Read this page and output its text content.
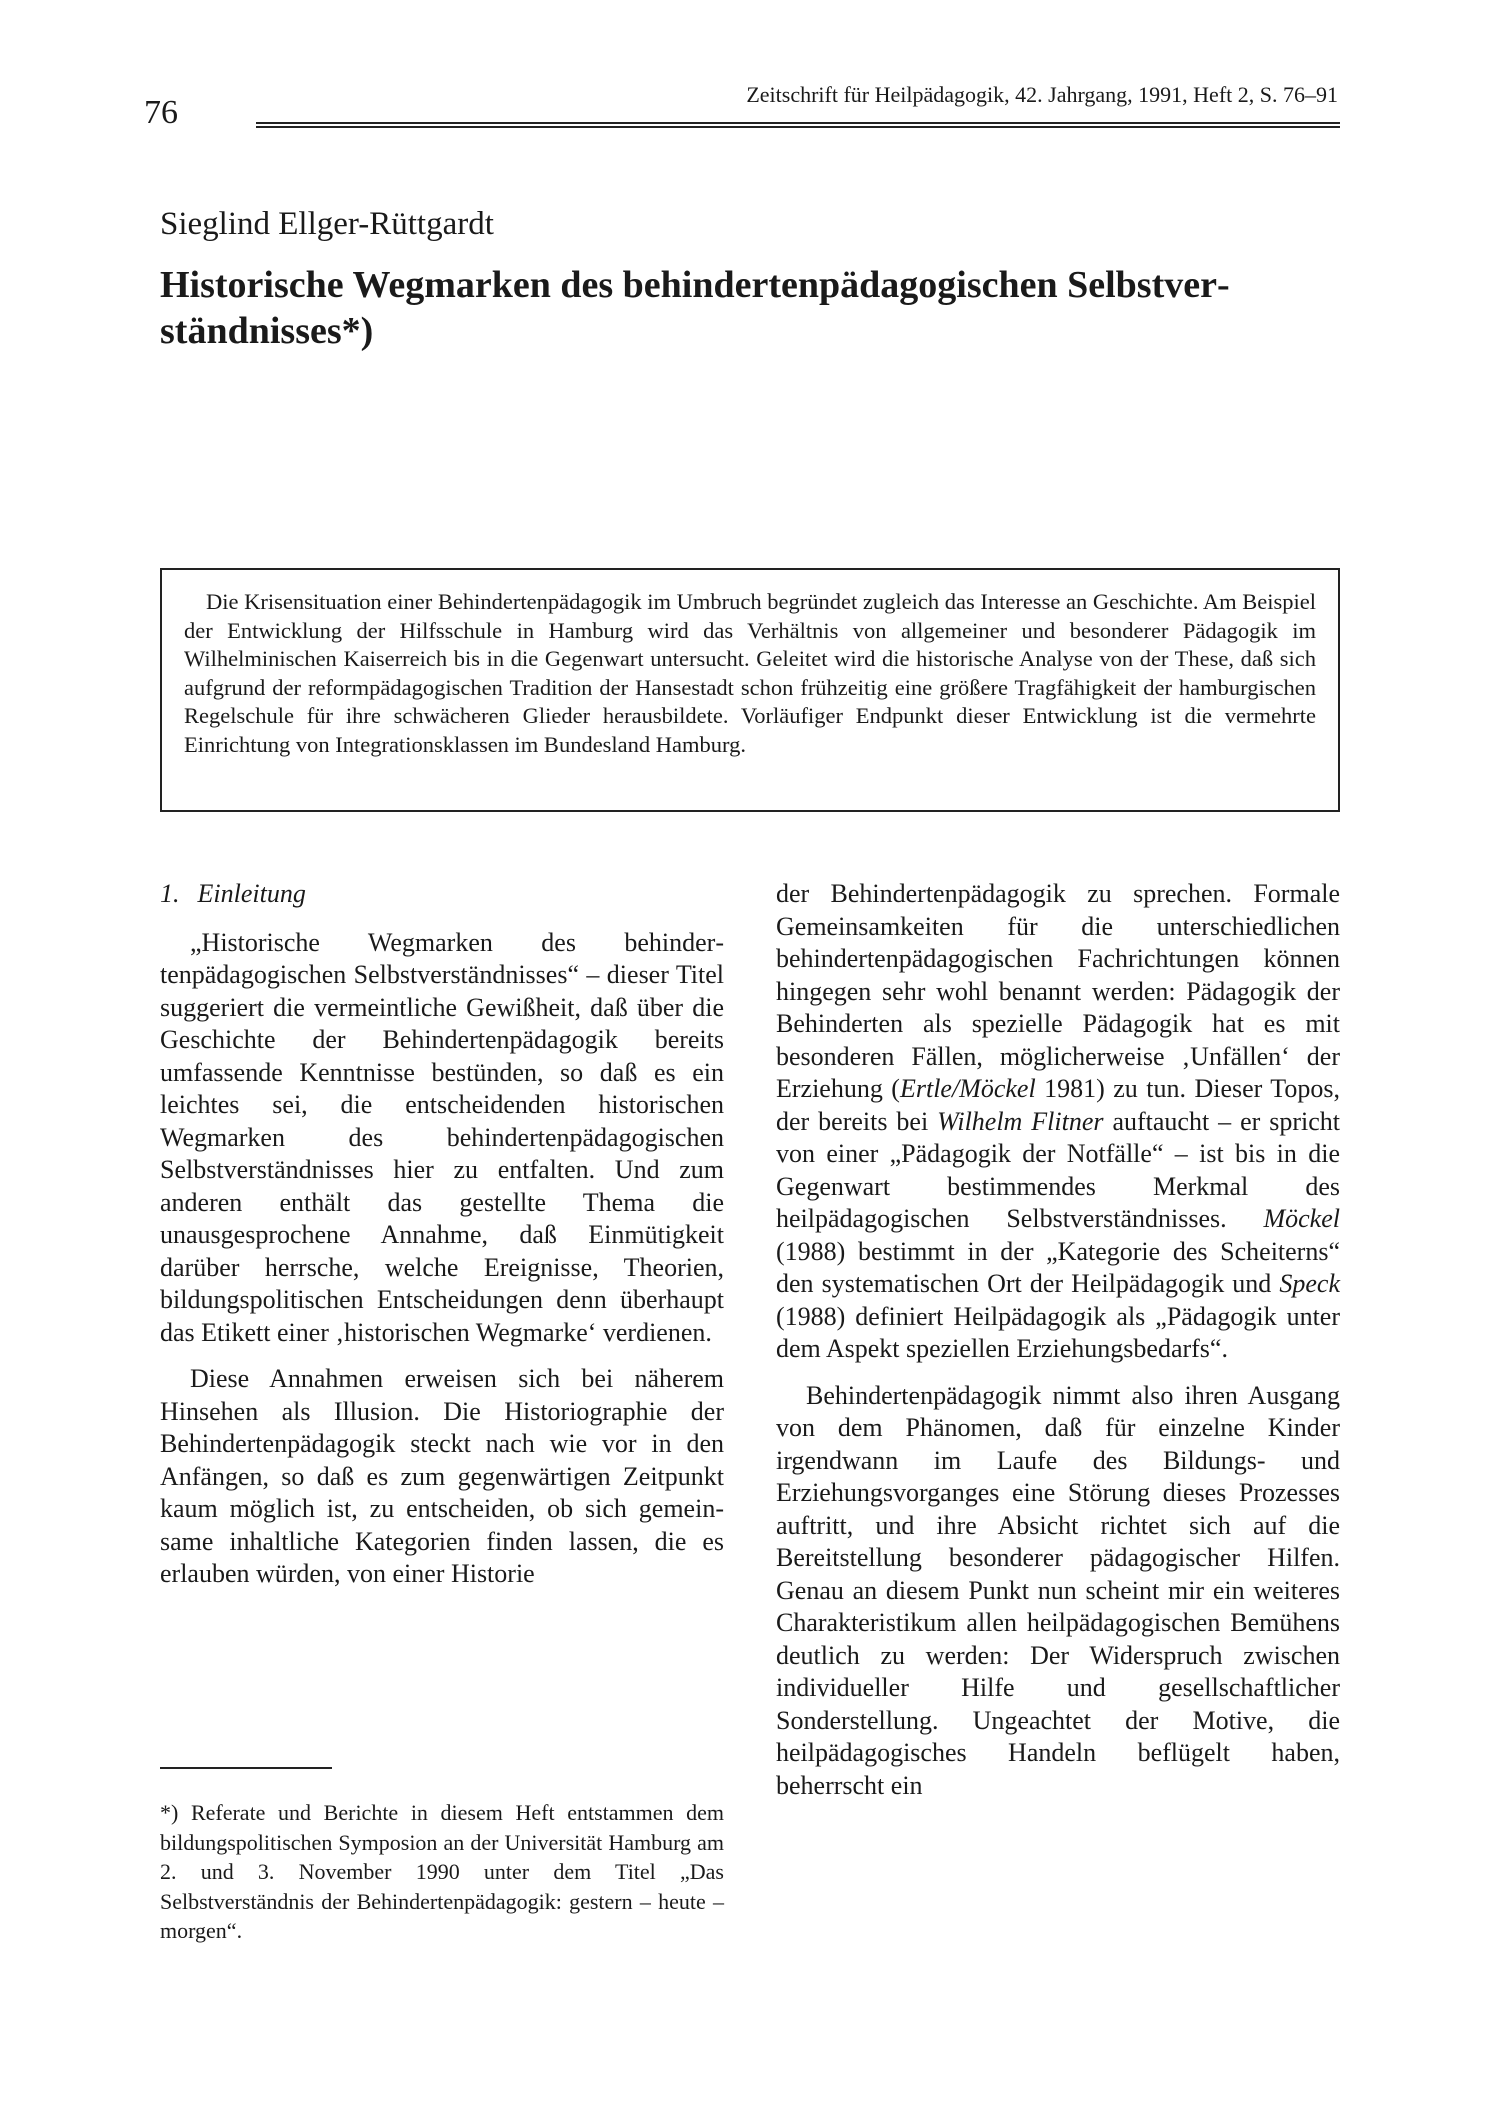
76	Zeitschrift für Heilpädagogik, 42. Jahrgang, 1991, Heft 2, S. 76–91
Sieglind Ellger-Rüttgardt
Historische Wegmarken des behindertenpädagogischen Selbstverständnisses*)

Die Krisensituation einer Behindertenpädagogik im Umbruch begründet zugleich das Interesse an Geschichte. Am Beispiel der Entwicklung der Hilfsschule in Hamburg wird das Verhältnis von allgemeiner und besonderer Pädagogik im Wilhelminischen Kaiserreich bis in die Gegenwart untersucht. Geleitet wird die historische Analyse von der These, daß sich aufgrund der reformpädagogischen Tradition der Hansestadt schon frühzeitig eine größere Tragfähigkeit der hamburgischen Regelschule für ihre schwächeren Glieder herausbildete. Vorläufiger Endpunkt dieser Entwicklung ist die vermehrte Einrichtung von Integrationsklassen im Bundesland Hamburg.

1. Einleitung

„Historische Wegmarken des behindertenpädagogischen Selbstverständnisses“ – dieser Titel suggeriert die vermeintliche Gewißheit, daß über die Geschichte der Behindertenpädagogik bereits umfassende Kenntnisse bestünden, so daß es ein leichtes sei, die entscheidenden historischen Wegmarken des behindertenpädagogischen Selbstverständnisses hier zu entfalten. Und zum anderen enthält das gestellte Thema die unausgesprochene Annahme, daß Einmütigkeit darüber herrsche, welche Ereignisse, Theorien, bildungspolitischen Entscheidungen denn überhaupt das Etikett einer ‚historischen Wegmarke‘ verdienen.

Diese Annahmen erweisen sich bei näherem Hinsehen als Illusion. Die Historiographie der Behindertenpädagogik steckt nach wie vor in den Anfängen, so daß es zum gegenwärtigen Zeitpunkt kaum möglich ist, zu entscheiden, ob sich gemeinsame inhaltliche Kategorien finden lassen, die es erlauben würden, von einer Historie

*) Referate und Berichte in diesem Heft entstammen dem bildungspolitischen Symposion an der Universität Hamburg am 2. und 3. November 1990 unter dem Titel „Das Selbstverständnis der Behindertenpädagogik: gestern – heute – morgen“.

der Behindertenpädagogik zu sprechen. Formale Gemeinsamkeiten für die unterschiedlichen behindertenpädagogischen Fachrichtungen können hingegen sehr wohl benannt werden: Pädagogik der Behinderten als spezielle Pädagogik hat es mit besonderen Fällen, möglicherweise ‚Unfällen‘ der Erziehung (Ertle/Möckel 1981) zu tun. Dieser Topos, der bereits bei Wilhelm Flitner auftaucht – er spricht von einer „Pädagogik der Notfälle“ – ist bis in die Gegenwart bestimmendes Merkmal des heilpädagogischen Selbstverständnisses. Möckel (1988) bestimmt in der „Kategorie des Scheiterns“ den systematischen Ort der Heilpädagogik und Speck (1988) definiert Heilpädagogik als „Pädagogik unter dem Aspekt speziellen Erziehungsbedarfs“.

Behindertenpädagogik nimmt also ihren Ausgang von dem Phänomen, daß für einzelne Kinder irgendwann im Laufe des Bildungs- und Erziehungsvorganges eine Störung dieses Prozesses auftritt, und ihre Absicht richtet sich auf die Bereitstellung besonderer pädagogischer Hilfen. Genau an diesem Punkt nun scheint mir ein weiteres Charakteristikum allen heilpädagogischen Bemühens deutlich zu werden: Der Widerspruch zwischen individueller Hilfe und gesellschaftlicher Sonderstellung. Ungeachtet der Motive, die heilpädagogisches Handeln beflügelt haben, beherrscht ein
